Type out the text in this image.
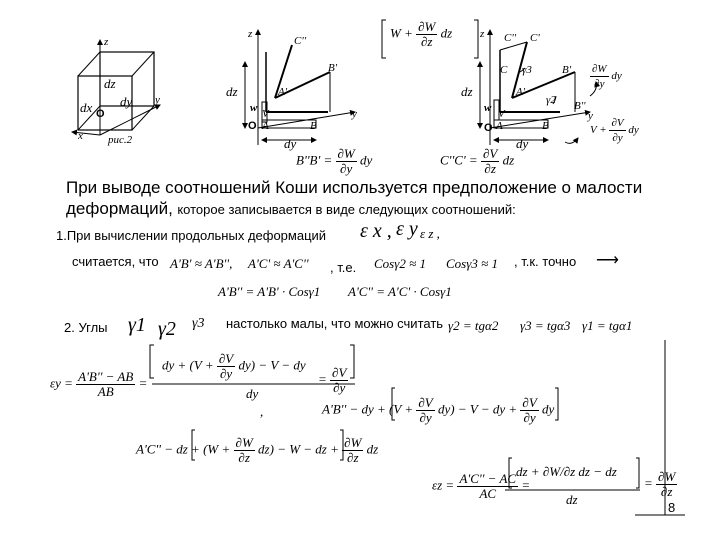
z
y
x
O
dz
dy
dx
рис.2
z
y
O
C''
B'
A'
dz
dy
w V
A	B
$B''B' = \frac{\partial W}{\partial y}$ dy
$W + \frac{\partial W}{\partial z}$ dz	z
y
O
C'' C'
C γ3
γ2
B'
B''
A'
dz
dy
w V
A	B
$\frac{\partial W}{\partial y}$ dy
$V + \frac{\partial V}{\partial y}$ dy
$C''C' = \frac{\partial V}{\partial z}$ dz
При выводе соотношений Коши используется предположение о малости
деформаций, которое записывается в виде следующих соотношений:
1.При вычислении продольных деформаций ε x , ε y ε z ,
считается, что A'B' ≈ A'B'', A'C' ≈ A'C'' , т.е. Cosγ2 ≈ 1 Cosγ3 ≈ 1 , т.к. точно ⟶
A'B'' = A'B' · Cosγ1 A'C'' = A'C' · Cosγ1
2. Углы γ1 γ2 γ3 настолько малы, что можно считать γ2 = tgα2 γ3 = tgα3 γ1 = tgα1
$\varepsilon y = \frac{A'B'' - AB}{AB}$ =
dy + $(V + \frac{\partial V}{\partial y} dy) - V$ − dy
dy
= $\frac{\partial V}{\partial y}$
,	A'B'' − dy + $(V + \frac{\partial V}{\partial y} dy) - V$ − dy + $\frac{\partial V}{\partial y}$ dy
A'C'' − dz + $(W + \frac{\partial W}{\partial z} dz) - W$ − dz + $\frac{\partial W}{\partial z}$ dz
$\varepsilon z = \frac{A'C'' - AC}{AC}$ =
dz + ∂W/∂z dz − dz
dz
= $\frac{\partial W}{\partial z}$
8
